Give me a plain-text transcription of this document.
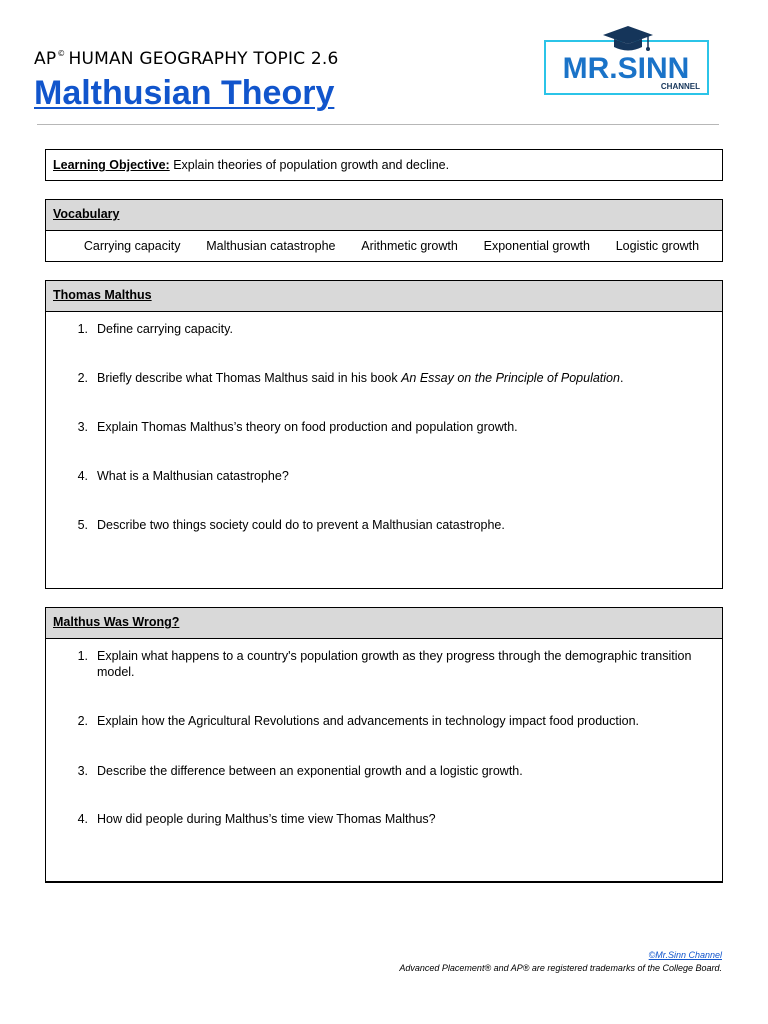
AP© HUMAN GEOGRAPHY TOPIC 2.6
Malthusian Theory
MR.SINN
CHANNEL
Learning Objective: Explain theories of population growth and decline.
Vocabulary
Carrying capacity Malthusian catastrophe Arithmetic growth Exponential growth Logistic growth
Thomas Malthus
1. Define carrying capacity.
2. Briefly describe what Thomas Malthus said in his book An Essay on the Principle of Population.
3. Explain Thomas Malthus’s theory on food production and population growth.
4. What is a Malthusian catastrophe?
5. Describe two things society could do to prevent a Malthusian catastrophe.
Malthus Was Wrong?
1. Explain what happens to a country's population growth as they progress through the demographic transition model.
2. Explain how the Agricultural Revolutions and advancements in technology impact food production.
3. Describe the difference between an exponential growth and a logistic growth.
4. How did people during Malthus’s time view Thomas Malthus?
©Mr.Sinn Channel
Advanced Placement® and AP® are registered trademarks of the College Board.
